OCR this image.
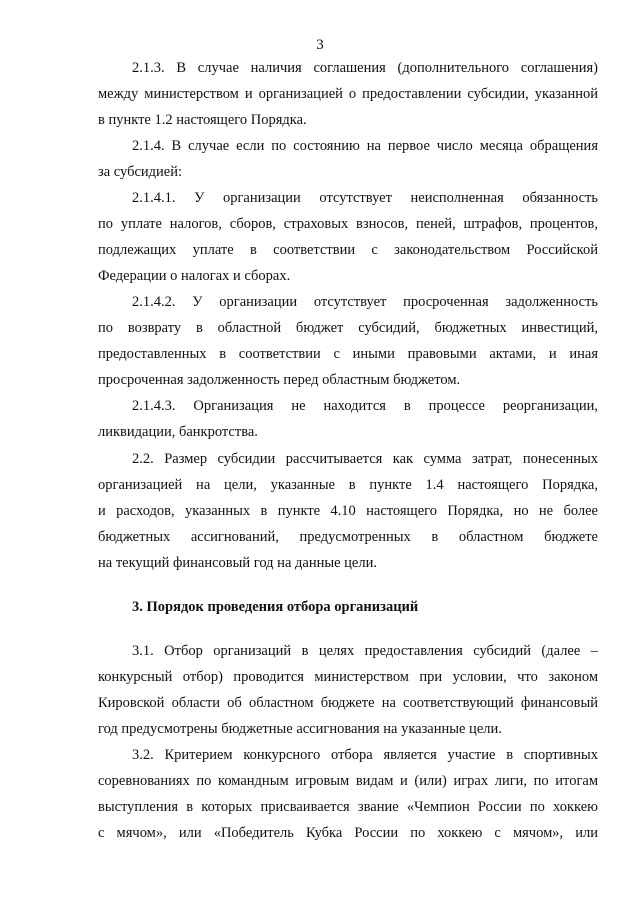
3
2.1.3. В случае наличия соглашения (дополнительного соглашения)
между министерством и организацией о предоставлении субсидии, указанной
в пункте 1.2 настоящего Порядка.
2.1.4. В случае если по состоянию на первое число месяца обращения
за субсидией:
2.1.4.1. У организации отсутствует неисполненная обязанность
по уплате налогов, сборов, страховых взносов, пеней, штрафов, процентов,
подлежащих уплате в соответствии с законодательством Российской
Федерации о налогах и сборах.
2.1.4.2. У организации отсутствует просроченная задолженность
по возврату в областной бюджет субсидий, бюджетных инвестиций,
предоставленных в соответствии с иными правовыми актами, и иная
просроченная задолженность перед областным бюджетом.
2.1.4.3. Организация не находится в процессе реорганизации,
ликвидации, банкротства.
2.2. Размер субсидии рассчитывается как сумма затрат, понесенных
организацией на цели, указанные в пункте 1.4 настоящего Порядка,
и расходов, указанных в пункте 4.10 настоящего Порядка, но не более
бюджетных ассигнований, предусмотренных в областном бюджете
на текущий финансовый год на данные цели.
3. Порядок проведения отбора организаций
3.1. Отбор организаций в целях предоставления субсидий (далее –
конкурсный отбор) проводится министерством при условии, что законом
Кировской области об областном бюджете на соответствующий финансовый
год предусмотрены бюджетные ассигнования на указанные цели.
3.2. Критерием конкурсного отбора является участие в спортивных
соревнованиях по командным игровым видам и (или) играх лиги, по итогам
выступления в которых присваивается звание «Чемпион России по хоккею
с мячом», или «Победитель Кубка России по хоккею с мячом», или
